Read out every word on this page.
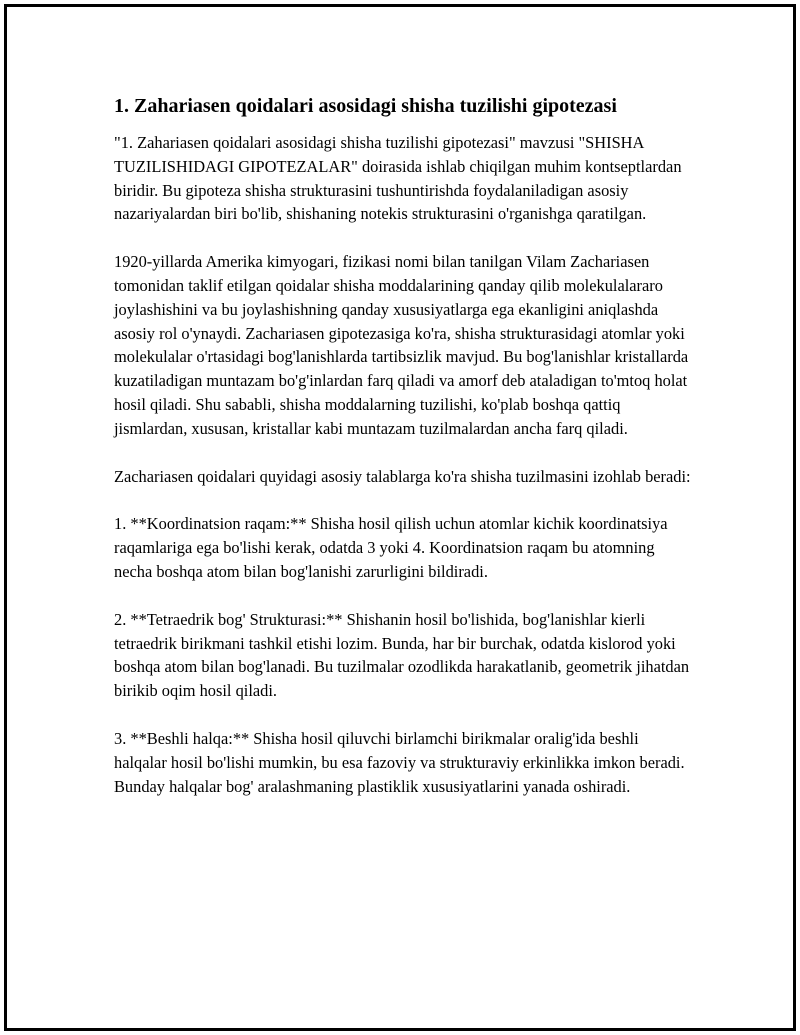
1. Zahariasen qoidalari asosidagi shisha tuzilishi gipotezasi

"1. Zahariasen qoidalari asosidagi shisha tuzilishi gipotezasi" mavzusi "SHISHA TUZILISHIDAGI GIPOTEZALAR" doirasida ishlab chiqilgan muhim kontseptlardan biridir. Bu gipoteza shisha strukturasini tushuntirishda foydalaniladigan asosiy nazariyalardan biri bo'lib, shishaning notekis strukturasini o'rganishga qaratilgan.

1920-yillarda Amerika kimyogari, fizikasi nomi bilan tanilgan Vilam Zachariasen tomonidan taklif etilgan qoidalar shisha moddalarining qanday qilib molekulalararo joylashishini va bu joylashishning qanday xususiyatlarga ega ekanligini aniqlashda asosiy rol o'ynaydi. Zachariasen gipotezasiga ko'ra, shisha strukturasidagi atomlar yoki molekulalar o'rtasidagi bog'lanishlarda tartibsizlik mavjud. Bu bog'lanishlar kristallarda kuzatiladigan muntazam bo'g'inlardan farq qiladi va amorf deb ataladigan to'mtoq holat hosil qiladi. Shu sababli, shisha moddalarning tuzilishi, ko'plab boshqa qattiq jismlardan, xususan, kristallar kabi muntazam tuzilmalardan ancha farq qiladi.

Zachariasen qoidalari quyidagi asosiy talablarga ko'ra shisha tuzilmasini izohlab beradi:

1. **Koordinatsion raqam:** Shisha hosil qilish uchun atomlar kichik koordinatsiya raqamlariga ega bo'lishi kerak, odatda 3 yoki 4. Koordinatsion raqam bu atomning necha boshqa atom bilan bog'lanishi zarurligini bildiradi.

2. **Tetraedrik bog' Strukturasi:** Shishanin hosil bo'lishida, bog'lanishlar kierli tetraedrik birikmani tashkil etishi lozim. Bunda, har bir burchak, odatda kislorod yoki boshqa atom bilan bog'lanadi. Bu tuzilmalar ozodlikda harakatlanib, geometrik jihatdan birikib oqim hosil qiladi.

3. **Beshli halqa:** Shisha hosil qiluvchi birlamchi birikmalar oralig'ida beshli halqalar hosil bo'lishi mumkin, bu esa fazoviy va strukturaviy erkinlikka imkon beradi. Bunday halqalar bog' aralashmaning plastiklik xususiyatlarini yanada oshiradi.
